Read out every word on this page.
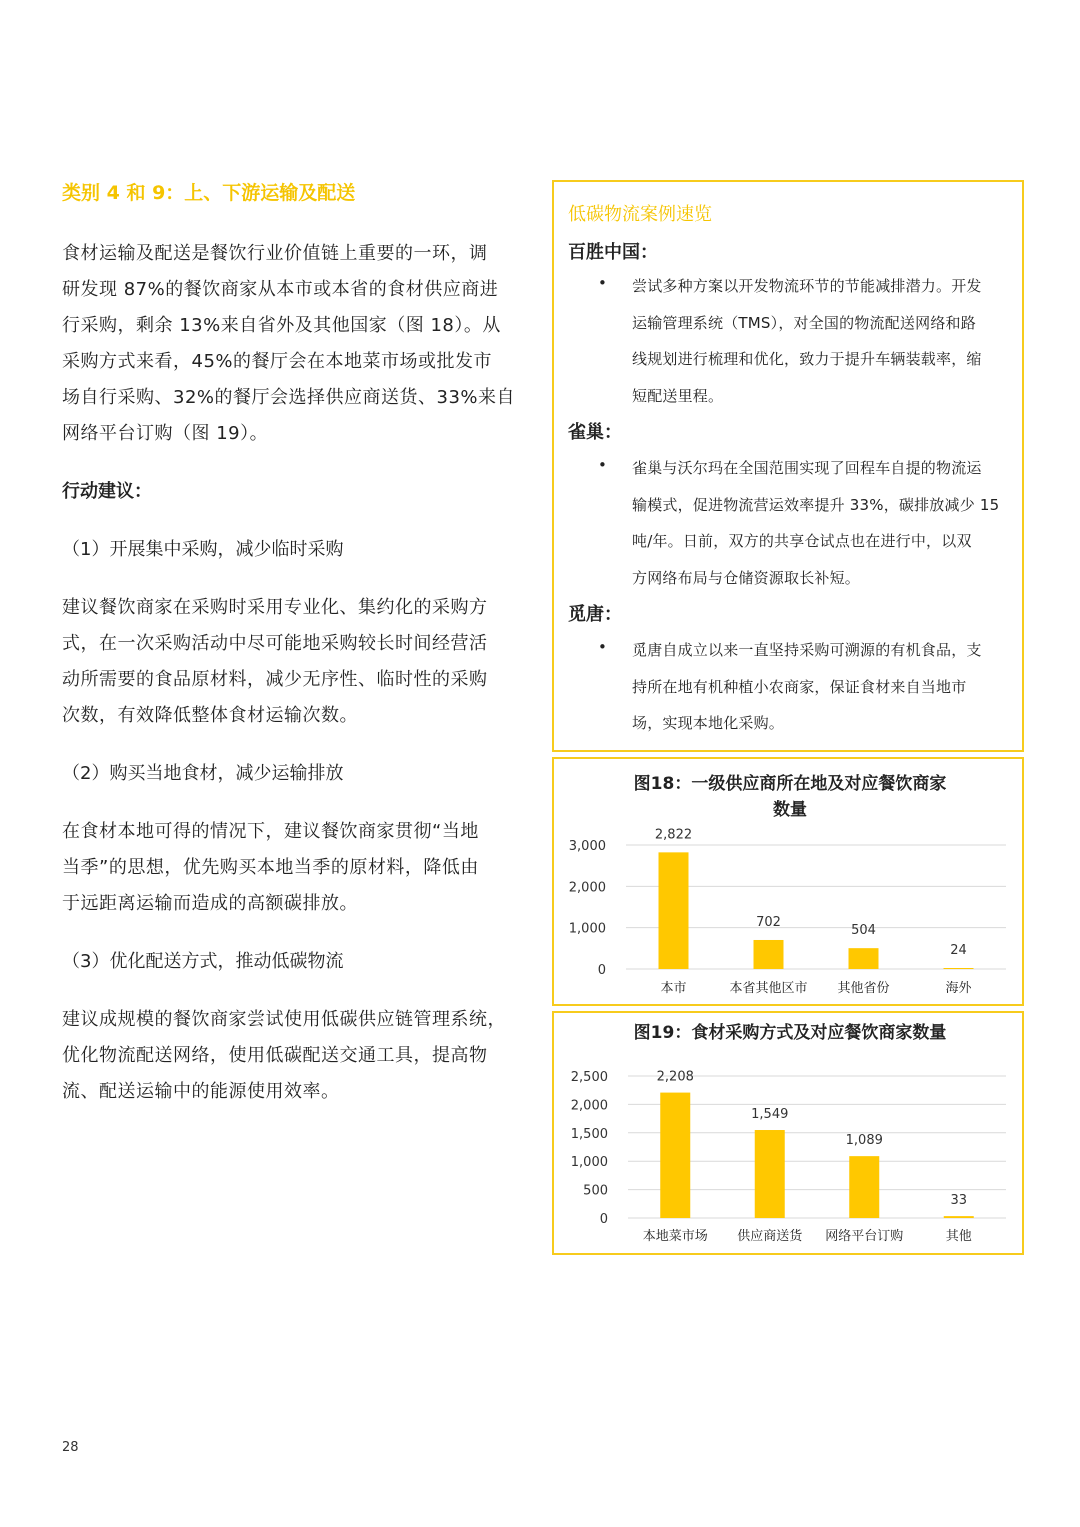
类别 4 和 9：上、下游运输及配送

食材运输及配送是餐饮行业价值链上重要的一环，调

研发现 87%的餐饮商家从本市或本省的食材供应商进

行采购，剩余 13%来自省外及其他国家（图 18）。从

采购方式来看，45%的餐厅会在本地菜市场或批发市

场自行采购、32%的餐厅会选择供应商送货、33%来自

网络平台订购（图 19）。

行动建议：

（1）开展集中采购，减少临时采购

建议餐饮商家在采购时采用专业化、集约化的采购方

式，在一次采购活动中尽可能地采购较长时间经营活

动所需要的食品原材料，减少无序性、临时性的采购

次数，有效降低整体食材运输次数。

（2）购买当地食材，减少运输排放

在食材本地可得的情况下，建议餐饮商家贯彻“当地

当季”的思想，优先购买本地当季的原材料，降低由

于远距离运输而造成的高额碳排放。

（3）优化配送方式，推动低碳物流

建议成规模的餐饮商家尝试使用低碳供应链管理系统，

优化物流配送网络，使用低碳配送交通工具，提高物

流、配送运输中的能源使用效率。

低碳物流案例速览
百胜中国：
• 尝试多种方案以开发物流环节的节能减排潜力。开发
运输管理系统（TMS），对全国的物流配送网络和路
线规划进行梳理和优化，致力于提升车辆装载率，缩
短配送里程。
雀巢：
• 雀巢与沃尔玛在全国范围实现了回程车自提的物流运
输模式，促进物流营运效率提升 33%，碳排放减少 15
吨/年。日前，双方的共享仓试点也在进行中，以双
方网络布局与仓储资源取长补短。
觅唐：
• 觅唐自成立以来一直坚持采购可溯源的有机食品，支
持所在地有机种植小农商家，保证食材来自当地市
场，实现本地化采购。
图18：一级供应商所在地及对应餐饮商家
数量
0
1,000
2,000
3,000
2,822
本市
702
本省其他区市
504
其他省份
24
海外
图19：食材采购方式及对应餐饮商家数量
0
500
1,000
1,500
2,000
2,500	2,208
本地菜市场
1,549
供应商送货
1,089
网络平台订购
33
其他
28
